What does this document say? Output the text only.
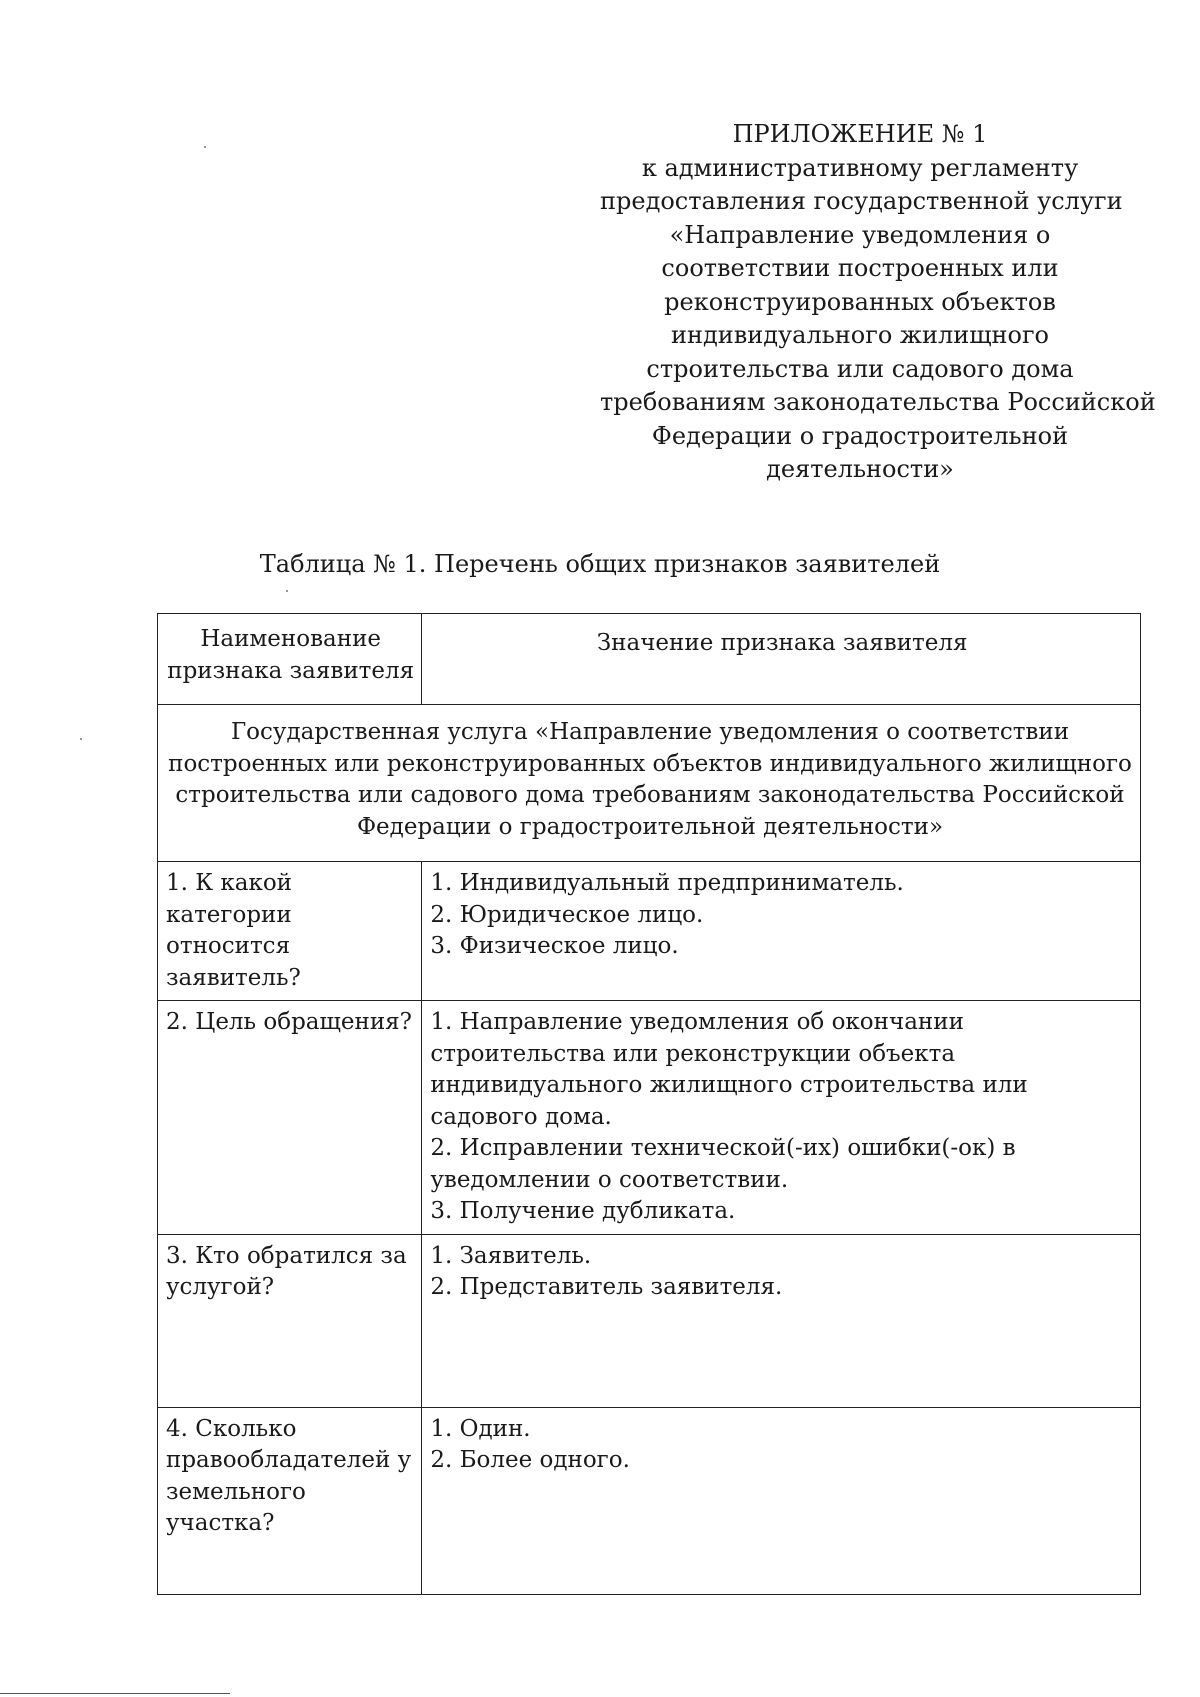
ПРИЛОЖЕНИЕ № 1
к административному регламенту
предоставления государственной услуги
«Направление уведомления о
соответствии построенных или
реконструированных объектов
индивидуального жилищного
строительства или садового дома
требованиям законодательства Российской
Федерации о градостроительной
деятельности»
Таблица № 1. Перечень общих признаков заявителей
Наименование признака заявителя	Значение признака заявителя

Государственная услуга «Направление уведомления о соответствии построенных или реконструированных объектов индивидуального жилищного строительства или садового дома требованиям законодательства Российской Федерации о градостроительной деятельности»	

1. К какой категории относится заявитель?	1. Индивидуальный предприниматель.
2. Юридическое лицо.
3. Физическое лицо.

2. Цель обращения?	1. Направление уведомления об окончании строительства или реконструкции объекта индивидуального жилищного строительства или садового дома.
2. Исправлении технической(-их) ошибки(-ок) в уведомлении о соответствии.
3. Получение дубликата.

3. Кто обратился за услугой?	1. Заявитель.
2. Представитель заявителя.

4. Сколько правообладателей у земельного участка?	1. Один.
2. Более одного.
